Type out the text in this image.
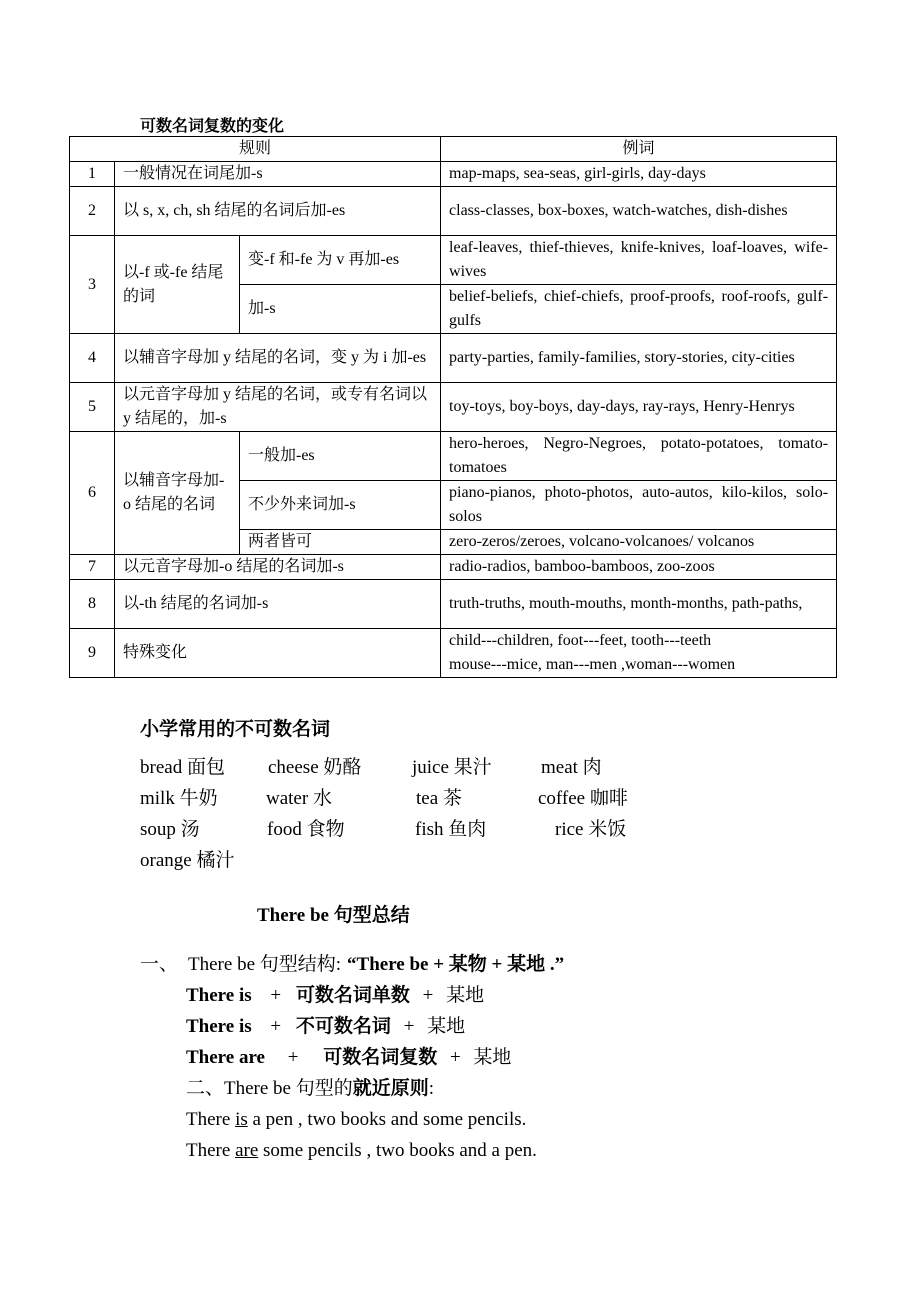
可数名词复数的变化
规则			例词
1	一般情况在词尾加-s		map-maps, sea-seas, girl-girls, day-days
2	以 s, x, ch, sh 结尾的名词后加-es		class-classes, box-boxes, watch-watches, dish-dishes
3	以-f 或-fe 结尾的词	变-f 和-fe 为 v 再加-es	leaf-leaves, thief-thieves, knife-knives, loaf-loaves, wife-wives
		加-s	belief-beliefs, chief-chiefs, proof-proofs, roof-roofs, gulf-gulfs
4	以辅音字母加 y 结尾的名词，变 y 为 i 加-es		party-parties, family-families, story-stories, city-cities
5	以元音字母加 y 结尾的名词，或专有名词以 y 结尾的，加-s		toy-toys, boy-boys, day-days, ray-rays, Henry-Henrys
6	以辅音字母加-o 结尾的名词	一般加-es	hero-heroes, Negro-Negroes, potato-potatoes, tomato-tomatoes
		不少外来词加-s	piano-pianos, photo-photos, auto-autos, kilo-kilos, solo-solos
		两者皆可	zero-zeros/zeroes, volcano-volcanoes/ volcanos
7	以元音字母加-o 结尾的名词加-s		radio-radios, bamboo-bamboos, zoo-zoos
8	以-th 结尾的名词加-s		truth-truths, mouth-mouths, month-months, path-paths,
9	特殊变化		child---children, foot---feet, tooth---teeth
mouse---mice, man---men ,woman---women
小学常用的不可数名词
bread 面包 cheese 奶酪	juice 果汁	meat 肉
milk 牛奶	water 水	tea 茶	coffee 咖啡
soup 汤	food 食物	fish 鱼肉	rice 米饭
orange 橘汁
There be 句型总结
一、 There be 句型结构: “There be + 某物 + 某地 .”
There is + 可数名词单数 + 某地
There is + 不可数名词 + 某地
There are + 可数名词复数 + 某地
二、There be 句型的就近原则:
There is a pen , two books and some pencils.
There are some pencils , two books and a pen.
